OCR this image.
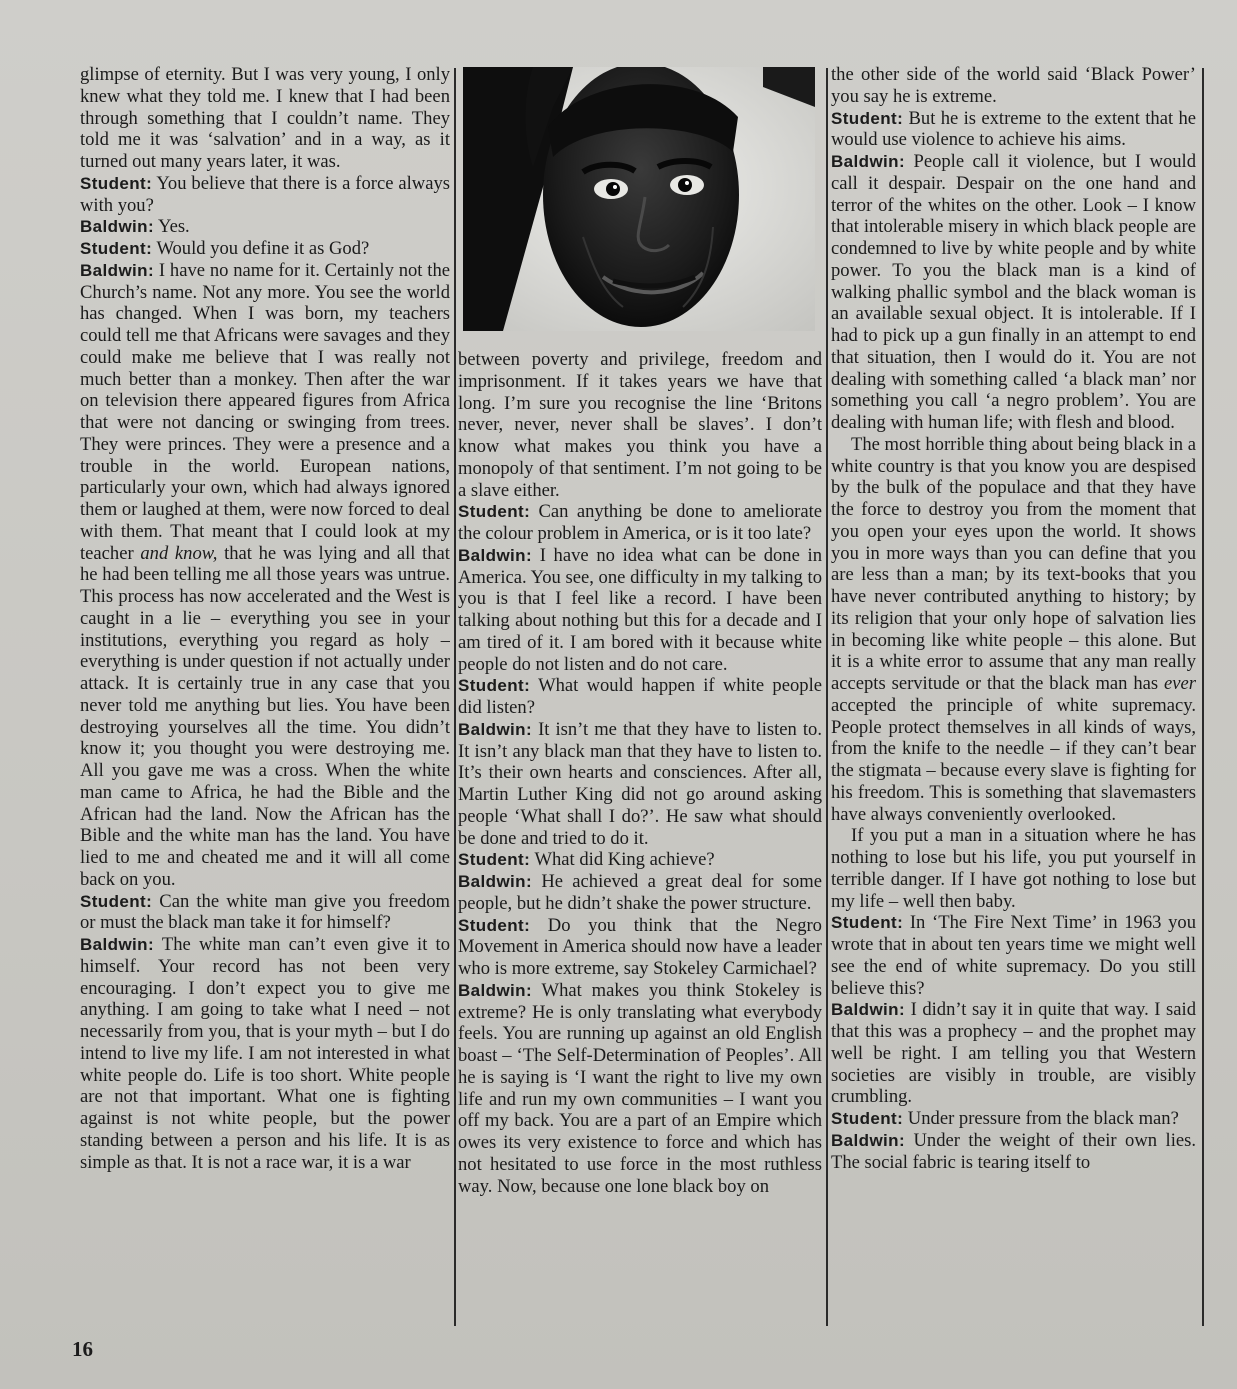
glimpse of eternity. But I was very young, I only knew what they told me. I knew that I had been through something that I couldn’t name. They told me it was ‘salvation’ and in a way, as it turned out many years later, it was.

Student: You believe that there is a force always with you?

Baldwin: Yes.

Student: Would you define it as God?

Baldwin: I have no name for it. Certainly not the Church’s name. Not any more. You see the world has changed. When I was born, my teachers could tell me that Africans were savages and they could make me believe that I was really not much better than a monkey. Then after the war on television there appeared figures from Africa that were not dancing or swinging from trees. They were princes. They were a presence and a trouble in the world. European nations, particularly your own, which had always ignored them or laughed at them, were now forced to deal with them. That meant that I could look at my teacher and know, that he was lying and all that he had been telling me all those years was untrue. This process has now accelerated and the West is caught in a lie – everything you see in your institutions, everything you regard as holy – everything is under question if not actually under attack. It is certainly true in any case that you never told me anything but lies. You have been destroying yourselves all the time. You didn’t know it; you thought you were destroying me. All you gave me was a cross. When the white man came to Africa, he had the Bible and the African had the land. Now the African has the Bible and the white man has the land. You have lied to me and cheated me and it will all come back on you.

Student: Can the white man give you freedom or must the black man take it for himself?

Baldwin: The white man can’t even give it to himself. Your record has not been very encouraging. I don’t expect you to give me anything. I am going to take what I need – not necessarily from you, that is your myth – but I do intend to live my life. I am not interested in what white people do. Life is too short. White people are not that important. What one is fighting against is not white people, but the power standing between a person and his life. It is as simple as that. It is not a race war, it is a war

between poverty and privilege, freedom and imprisonment. If it takes years we have that long. I’m sure you recognise the line ‘Britons never, never, never shall be slaves’. I don’t know what makes you think you have a monopoly of that sentiment. I’m not going to be a slave either.

Student: Can anything be done to ameliorate the colour problem in America, or is it too late?

Baldwin: I have no idea what can be done in America. You see, one difficulty in my talking to you is that I feel like a record. I have been talking about nothing but this for a decade and I am tired of it. I am bored with it because white people do not listen and do not care.

Student: What would happen if white people did listen?

Baldwin: It isn’t me that they have to listen to. It isn’t any black man that they have to listen to. It’s their own hearts and consciences. After all, Martin Luther King did not go around asking people ‘What shall I do?’. He saw what should be done and tried to do it.

Student: What did King achieve?

Baldwin: He achieved a great deal for some people, but he didn’t shake the power structure.

Student: Do you think that the Negro Movement in America should now have a leader who is more extreme, say Stokeley Carmichael?

Baldwin: What makes you think Stokeley is extreme? He is only translating what everybody feels. You are running up against an old English boast – ‘The Self-Determination of Peoples’. All he is saying is ‘I want the right to live my own life and run my own communities – I want you off my back. You are a part of an Empire which owes its very existence to force and which has not hesitated to use force in the most ruthless way. Now, because one lone black boy on

the other side of the world said ‘Black Power’ you say he is extreme.

Student: But he is extreme to the extent that he would use violence to achieve his aims.

Baldwin: People call it violence, but I would call it despair. Despair on the one hand and terror of the whites on the other. Look – I know that intolerable misery in which black people are condemned to live by white people and by white power. To you the black man is a kind of walking phallic symbol and the black woman is an available sexual object. It is intolerable. If I had to pick up a gun finally in an attempt to end that situation, then I would do it. You are not dealing with something called ‘a black man’ nor something you call ‘a negro problem’. You are dealing with human life; with flesh and blood.

The most horrible thing about being black in a white country is that you know you are despised by the bulk of the populace and that they have the force to destroy you from the moment that you open your eyes upon the world. It shows you in more ways than you can define that you are less than a man; by its text-books that you have never contributed anything to history; by its religion that your only hope of salvation lies in becoming like white people – this alone. But it is a white error to assume that any man really accepts servitude or that the black man has ever accepted the principle of white supremacy. People protect themselves in all kinds of ways, from the knife to the needle – if they can’t bear the stigmata – because every slave is fighting for his freedom. This is something that slavemasters have always conveniently overlooked.

If you put a man in a situation where he has nothing to lose but his life, you put yourself in terrible danger. If I have got nothing to lose but my life – well then baby.

Student: In ‘The Fire Next Time’ in 1963 you wrote that in about ten years time we might well see the end of white supremacy. Do you still believe this?

Baldwin: I didn’t say it in quite that way. I said that this was a prophecy – and the prophet may well be right. I am telling you that Western societies are visibly in trouble, are visibly crumbling.

Student: Under pressure from the black man?

Baldwin: Under the weight of their own lies. The social fabric is tearing itself to

16
